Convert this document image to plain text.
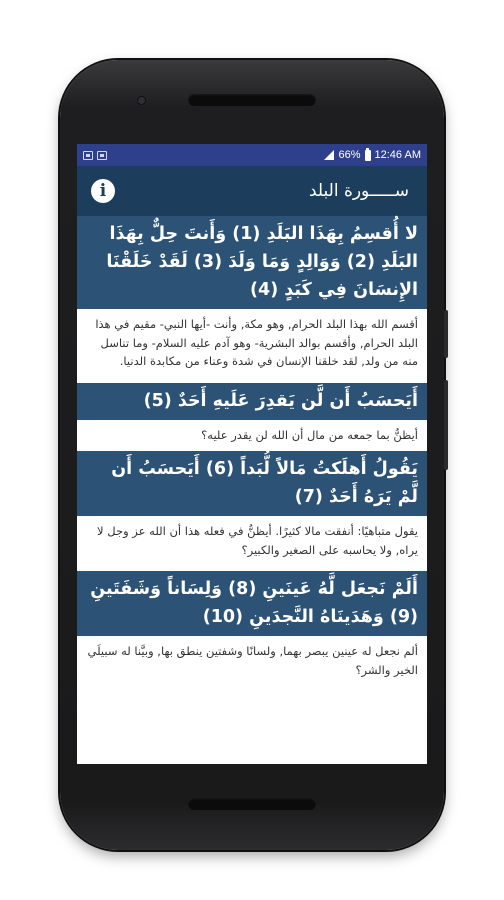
66% 12:46 AM
i	ســـــورة البلد
لا أُقسِمُ بِهَذَا البَلَدِ (1) وَأَنتَ حِلٌّ بِهَذَا البَلَدِ (2) وَوَالِدٍ وَمَا وَلَدَ (3) لَقَدْ خَلَقْنَا الإِنسَانَ فِي كَبَدٍ (4)
أقسم الله بهذا البلد الحرام, وهو مكة, وأنت -أيها النبي- مقيم في هذا البلد الحرام, وأقسم بوالد البشرية- وهو آدم عليه السلام- وما تناسل منه من ولد, لقد خلقنا الإنسان في شدة وعناء من مكابدة الدنيا.
أَيَحسَبُ أَن لَّن يَقدِرَ عَلَيهِ أَحَدٌ (5)
أيظنُّ بما جمعه من مال أن الله لن يقدر عليه؟
يَقُولُ أَهلَكتُ مَالاً لُّبَداً (6) أَيَحسَبُ أَن لَّمْ يَرَهُ أَحَدٌ (7)
يقول متباهيًا: أنفقت مالا كثيرًا. أيظنُّ في فعله هذا أن الله عز وجل لا يراه, ولا يحاسبه على الصغير والكبير؟
أَلَمْ نَجعَل لَّهُ عَينَينِ (8) وَلِسَاناً وَشَفَتَينِ (9) وَهَدَينَاهُ النَّجدَينِ (10)
ألم نجعل له عينين يبصر بهما, ولسانًا وشفتين ينطق بها, وبيَّنا له سبيلَي الخير والشر؟
